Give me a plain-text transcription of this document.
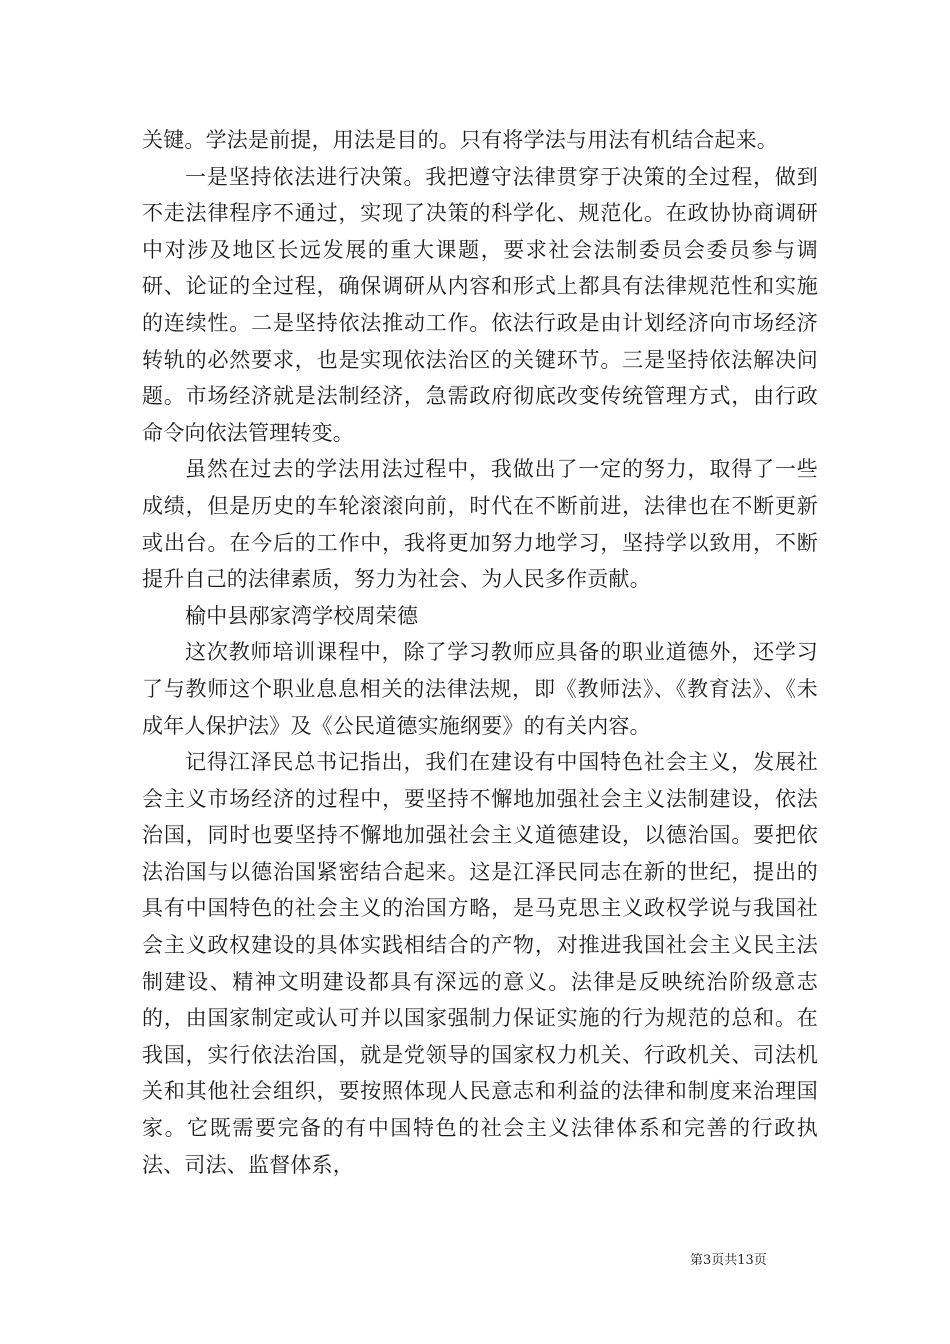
关键。学法是前提，用法是目的。只有将学法与用法有机结合起来。

一是坚持依法进行决策。我把遵守法律贯穿于决策的全过程，做到不走法律程序不通过，实现了决策的科学化、规范化。在政协协商调研中对涉及地区长远发展的重大课题，要求社会法制委员会委员参与调研、论证的全过程，确保调研从内容和形式上都具有法律规范性和实施的连续性。二是坚持依法推动工作。依法行政是由计划经济向市场经济转轨的必然要求，也是实现依法治区的关键环节。三是坚持依法解决问题。市场经济就是法制经济，急需政府彻底改变传统管理方式，由行政命令向依法管理转变。

虽然在过去的学法用法过程中，我做出了一定的努力，取得了一些成绩，但是历史的车轮滚滚向前，时代在不断前进，法律也在不断更新或出台。在今后的工作中，我将更加努力地学习，坚持学以致用，不断提升自己的法律素质，努力为社会、为人民多作贡献。

榆中县邴家湾学校周荣德

这次教师培训课程中，除了学习教师应具备的职业道德外，还学习了与教师这个职业息息相关的法律法规，即《教师法》、《教育法》、《未成年人保护法》及《公民道德实施纲要》的有关内容。

记得江泽民总书记指出，我们在建设有中国特色社会主义，发展社会主义市场经济的过程中，要坚持不懈地加强社会主义法制建设，依法治国，同时也要坚持不懈地加强社会主义道德建设，以德治国。要把依法治国与以德治国紧密结合起来。这是江泽民同志在新的世纪，提出的具有中国特色的社会主义的治国方略，是马克思主义政权学说与我国社会主义政权建设的具体实践相结合的产物，对推进我国社会主义民主法制建设、精神文明建设都具有深远的意义。法律是反映统治阶级意志的，由国家制定或认可并以国家强制力保证实施的行为规范的总和。在我国，实行依法治国，就是党领导的国家权力机关、行政机关、司法机关和其他社会组织，要按照体现人民意志和利益的法律和制度来治理国家。它既需要完备的有中国特色的社会主义法律体系和完善的行政执法、司法、监督体系，

第3页共13页
